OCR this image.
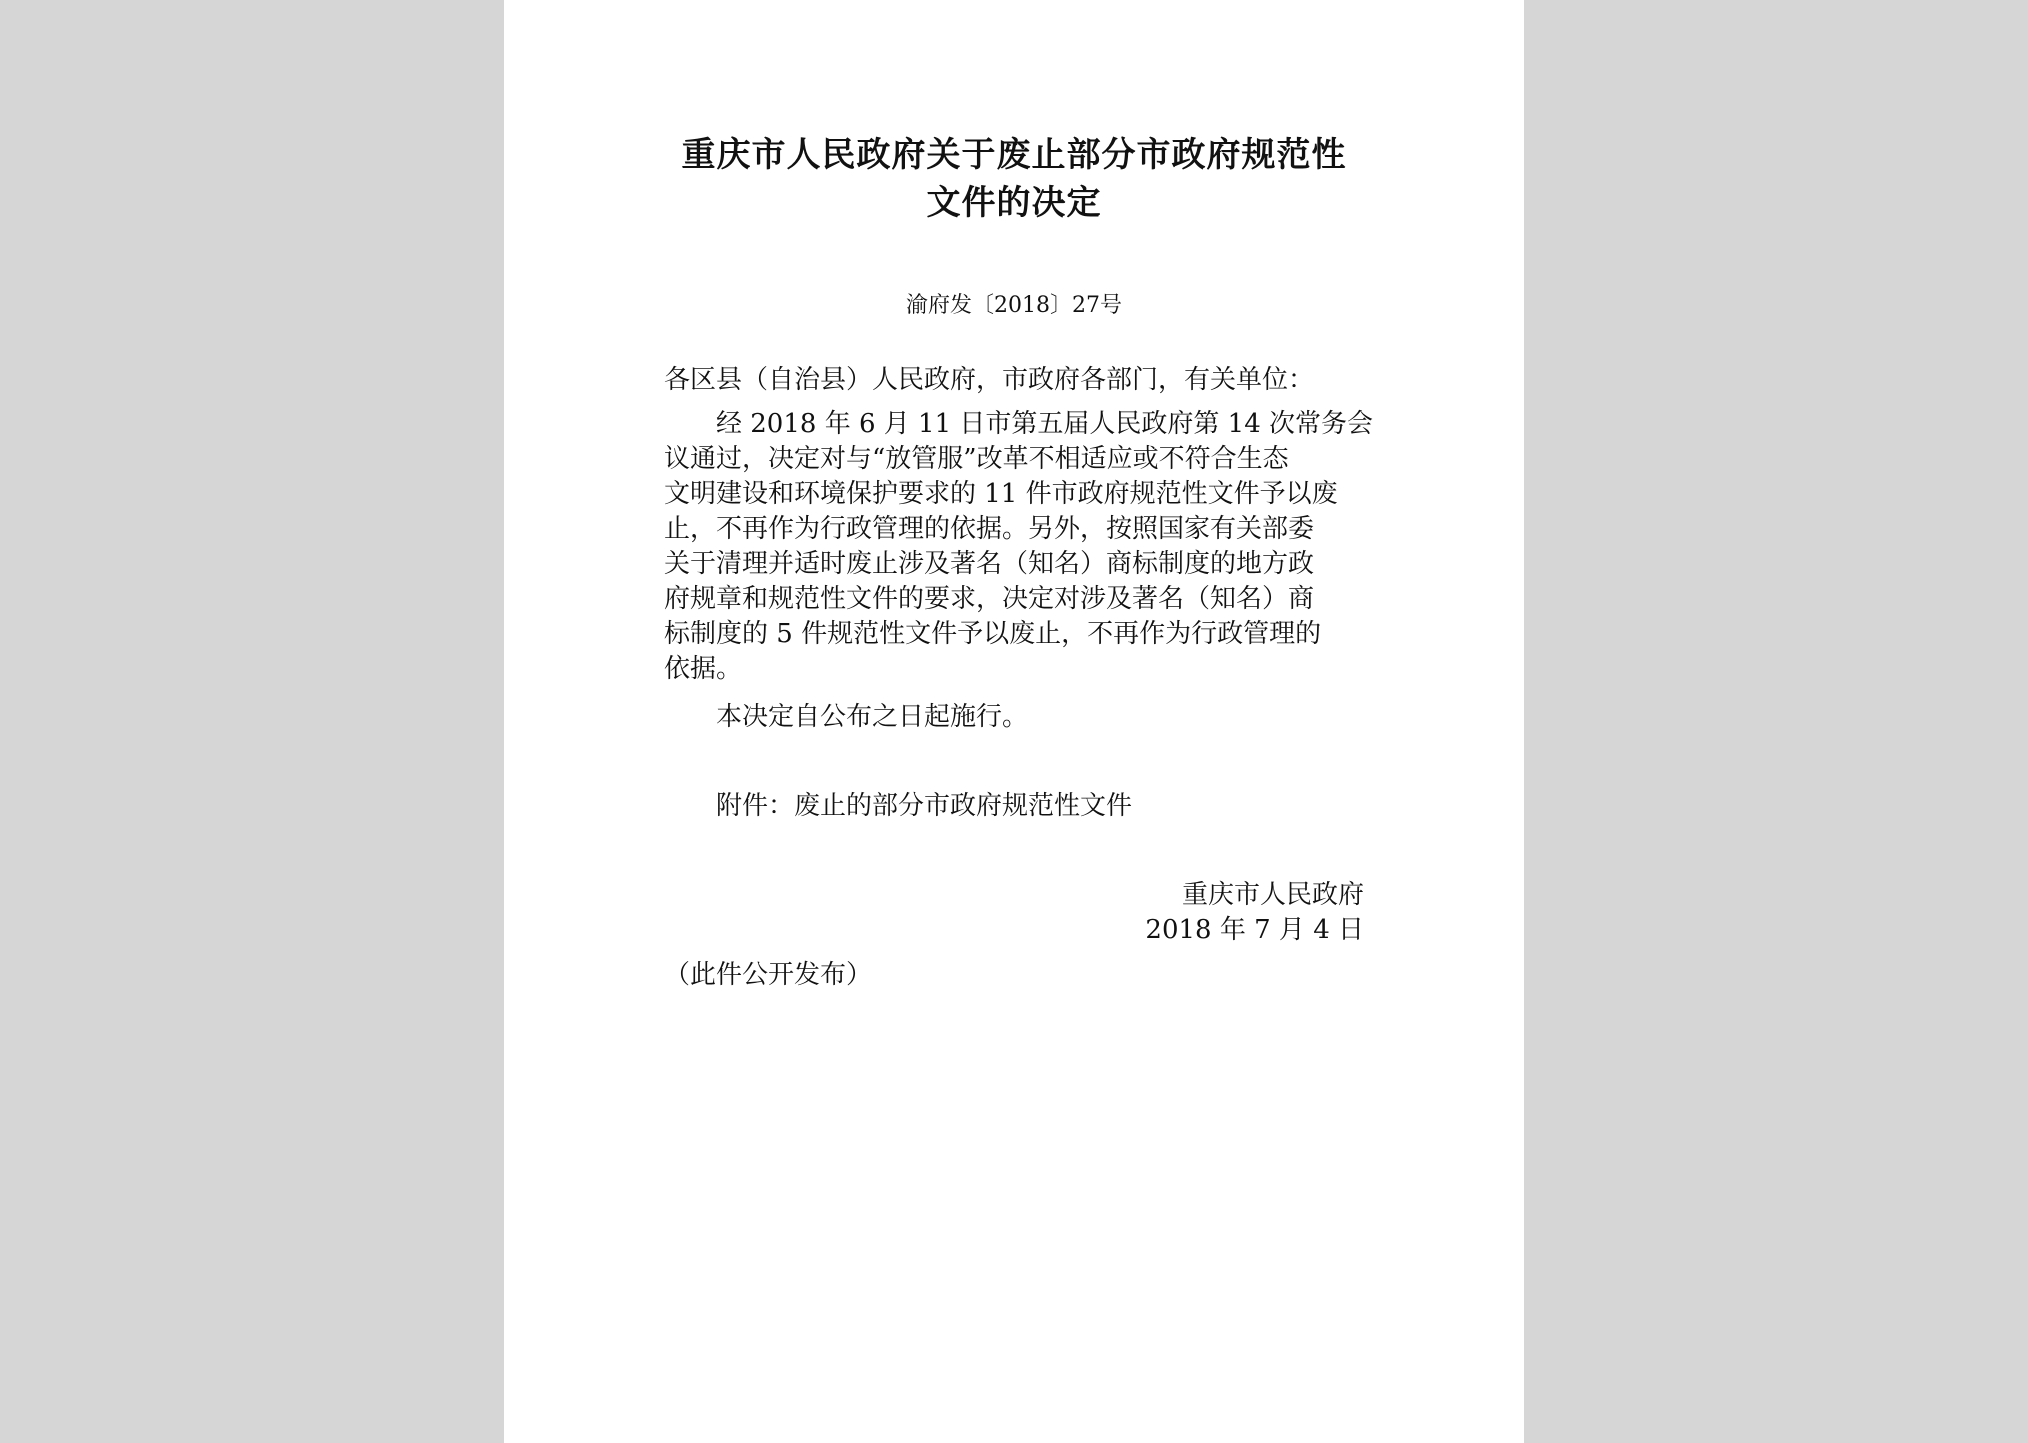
重庆市人民政府关于废止部分市政府规范性
文件的决定
渝府发〔2018〕27号
各区县（自治县）人民政府，市政府各部门，有关单位：
经 2018 年 6 月 11 日市第五届人民政府第 14 次常务会
议通过，决定对与“放管服”改革不相适应或不符合生态
文明建设和环境保护要求的 11 件市政府规范性文件予以废
止，不再作为行政管理的依据。另外，按照国家有关部委
关于清理并适时废止涉及著名（知名）商标制度的地方政
府规章和规范性文件的要求，决定对涉及著名（知名）商
标制度的 5 件规范性文件予以废止，不再作为行政管理的
依据。
本决定自公布之日起施行。
附件：废止的部分市政府规范性文件
重庆市人民政府
2018 年 7 月 4 日
（此件公开发布）
